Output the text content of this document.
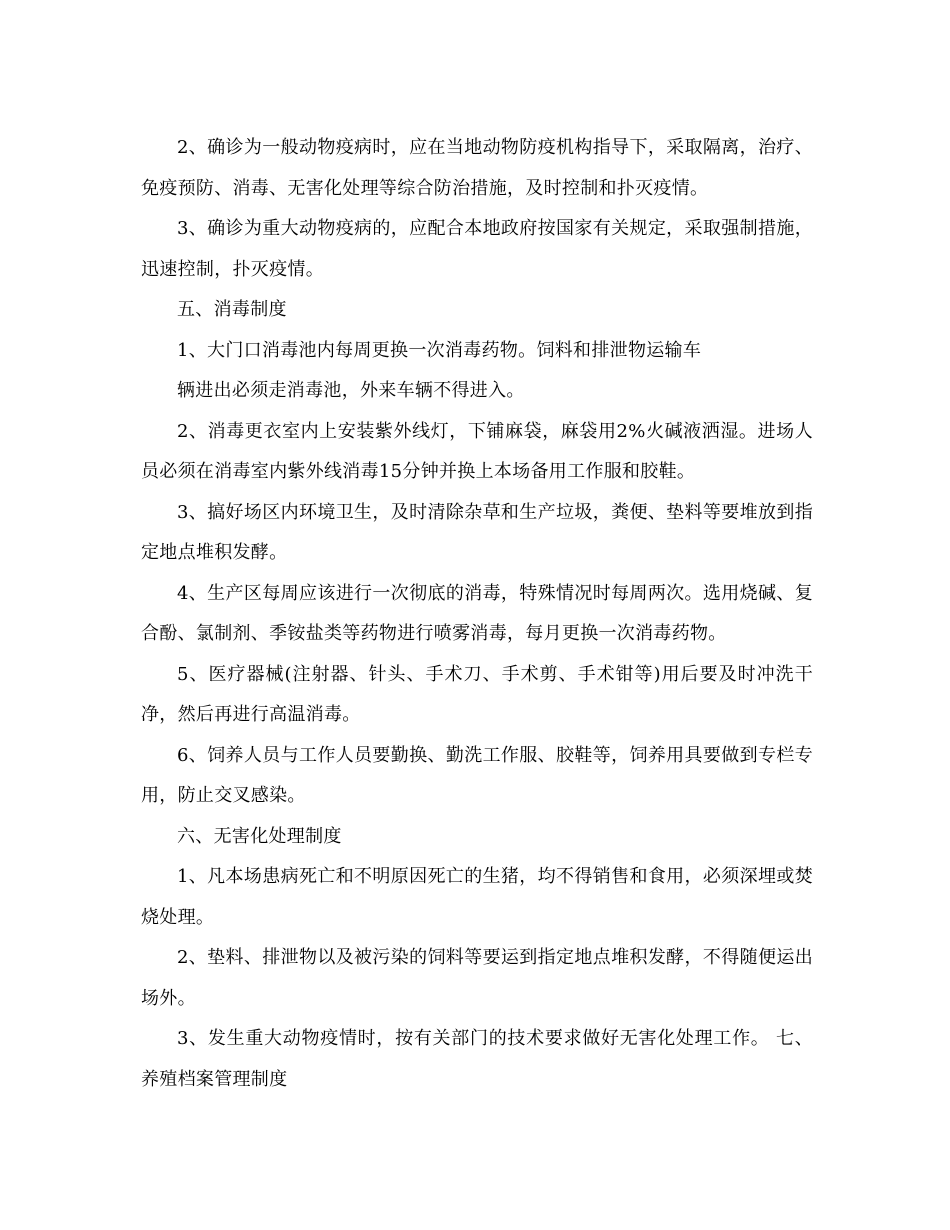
2、确诊为一般动物疫病时，应在当地动物防疫机构指导下，采取隔离，治疗、免疫预防、消毒、无害化处理等综合防治措施，及时控制和扑灭疫情。

3、确诊为重大动物疫病的，应配合本地政府按国家有关规定，采取强制措施，迅速控制，扑灭疫情。

五、消毒制度

1、大门口消毒池内每周更换一次消毒药物。饲料和排泄物运输车

辆进出必须走消毒池，外来车辆不得进入。

2、消毒更衣室内上安装紫外线灯，下铺麻袋，麻袋用2%火碱液洒湿。进场人员必须在消毒室内紫外线消毒15分钟并换上本场备用工作服和胶鞋。

3、搞好场区内环境卫生，及时清除杂草和生产垃圾，粪便、垫料等要堆放到指定地点堆积发酵。

4、生产区每周应该进行一次彻底的消毒，特殊情况时每周两次。选用烧碱、复合酚、氯制剂、季铵盐类等药物进行喷雾消毒，每月更换一次消毒药物。

5、医疗器械(注射器、针头、手术刀、手术剪、手术钳等)用后要及时冲洗干净，然后再进行高温消毒。

6、饲养人员与工作人员要勤换、勤洗工作服、胶鞋等，饲养用具要做到专栏专用，防止交叉感染。

六、无害化处理制度

1、凡本场患病死亡和不明原因死亡的生猪，均不得销售和食用，必须深埋或焚烧处理。

2、垫料、排泄物以及被污染的饲料等要运到指定地点堆积发酵，不得随便运出场外。

3、发生重大动物疫情时，按有关部门的技术要求做好无害化处理工作。 七、养殖档案管理制度
